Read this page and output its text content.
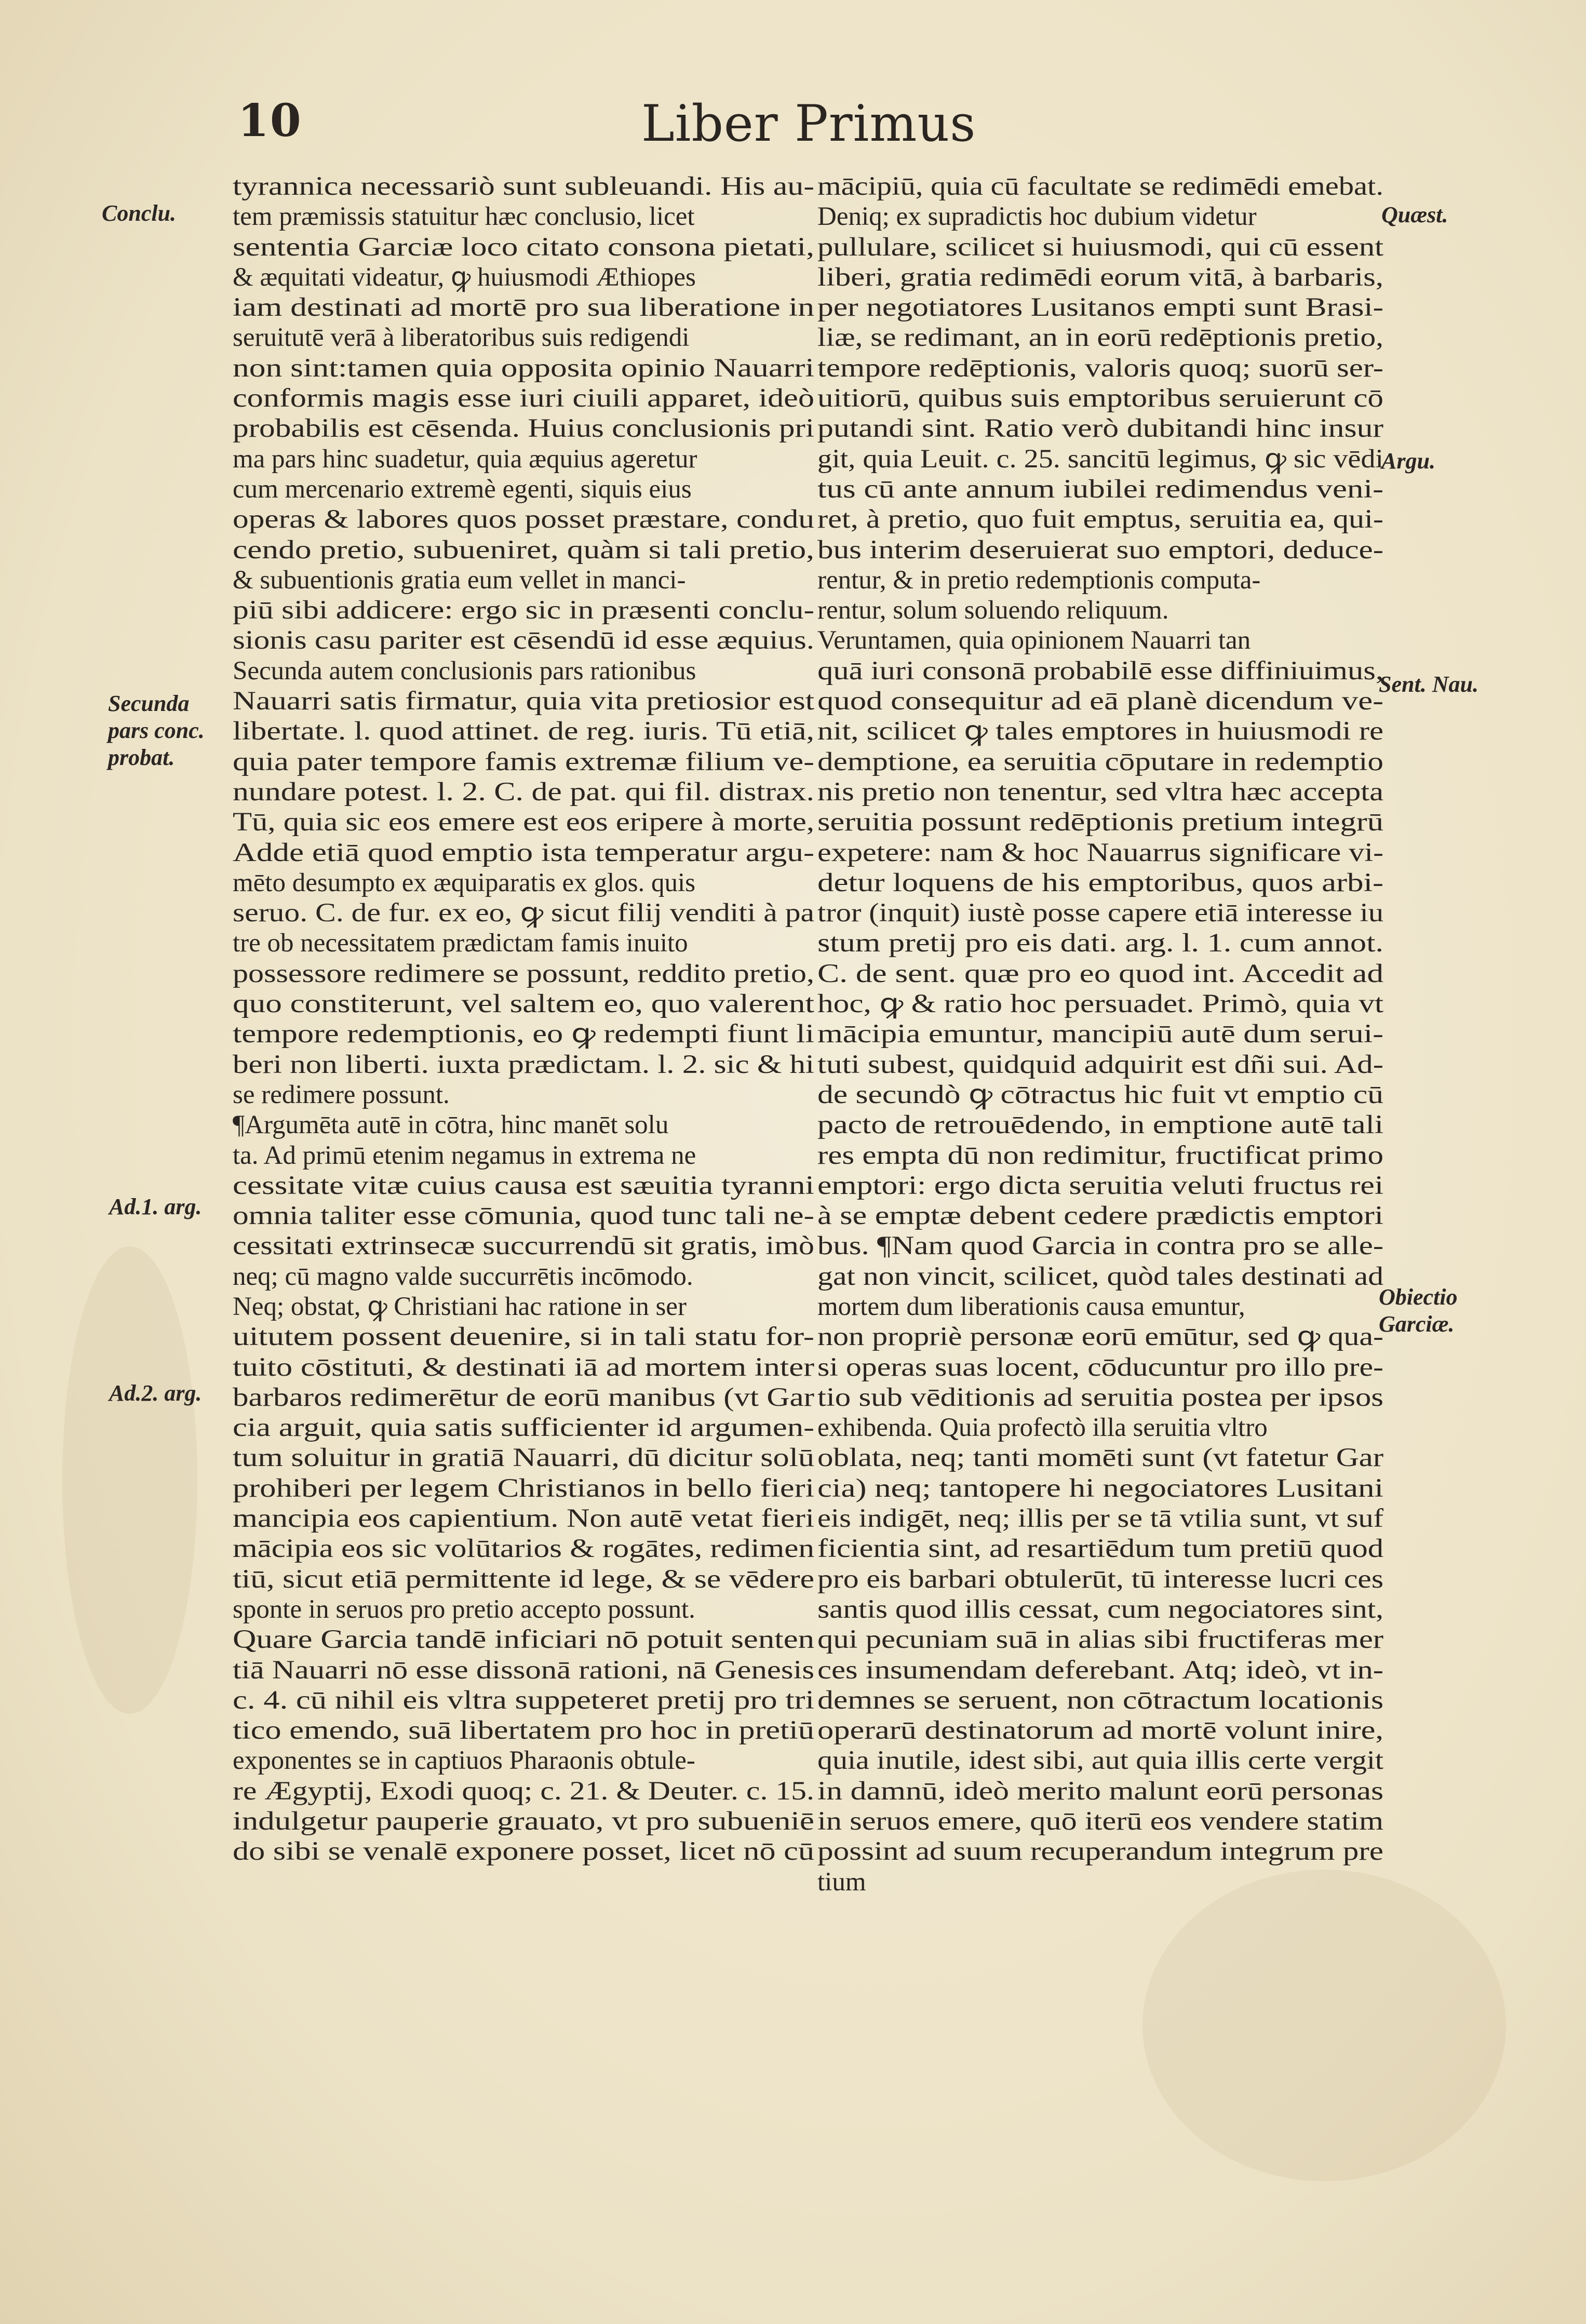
10	Liber Primus
tyrannica necessariò sunt subleuandi. His au-
tem præmissis statuitur hæc conclusio, licet
sententia Garciæ loco citato consona pietati,
& æquitati videatur, ꝙ huiusmodi Æthiopes
iam destinati ad mortē pro sua liberatione in
seruitutē verā à liberatoribus suis redigendi
non sint:tamen quia opposita opinio Nauarri
conformis magis esse iuri ciuili apparet, ideò
probabilis est cēsenda. Huius conclusionis pri
ma pars hinc suadetur, quia æquius ageretur
cum mercenario extremè egenti, siquis eius
operas & labores quos posset præstare, condu
cendo pretio, subueniret, quàm si tali pretio,
& subuentionis gratia eum vellet in manci-
piū sibi addicere: ergo sic in præsenti conclu-
sionis casu pariter est cēsendū id esse æquius.
Secunda autem conclusionis pars rationibus
Nauarri satis firmatur, quia vita pretiosior est
libertate. l. quod attinet. de reg. iuris. Tū etiā,
quia pater tempore famis extremæ filium ve-
nundare potest. l. 2. C. de pat. qui fil. distrax.
Tū, quia sic eos emere est eos eripere à morte,
Adde etiā quod emptio ista temperatur argu-
mēto desumpto ex æquiparatis ex glos. quis
seruo. C. de fur. ex eo, ꝙ sicut filij venditi à pa
tre ob necessitatem prædictam famis inuito
possessore redimere se possunt, reddito pretio,
quo constiterunt, vel saltem eo, quo valerent
tempore redemptionis, eo ꝙ redempti fiunt li
beri non liberti. iuxta prædictam. l. 2. sic & hi
se redimere possunt.
¶Argumēta autē in cōtra, hinc manēt solu
ta. Ad primū etenim negamus in extrema ne
cessitate vitæ cuius causa est sæuitia tyranni
omnia taliter esse cōmunia, quod tunc tali ne-
cessitati extrinsecæ succurrendū sit gratis, imò
neq; cū magno valde succurrētis incōmodo.
Neq; obstat, ꝙ Christiani hac ratione in ser
uitutem possent deuenire, si in tali statu for-
tuito cōstituti, & destinati iā ad mortem inter
barbaros redimerētur de eorū manibus (vt Gar
cia arguit, quia satis sufficienter id argumen-
tum soluitur in gratiā Nauarri, dū dicitur solū
prohiberi per legem Christianos in bello fieri
mancipia eos capientium. Non autē vetat fieri
mācipia eos sic volūtarios & rogātes, redimen
tiū, sicut etiā permittente id lege, & se vēdere
sponte in seruos pro pretio accepto possunt.
Quare Garcia tandē inficiari nō potuit senten
tiā Nauarri nō esse dissonā rationi, nā Genesis
c. 4. cū nihil eis vltra suppeteret pretij pro tri
tico emendo, suā libertatem pro hoc in pretiū
exponentes se in captiuos Pharaonis obtule-
re Ægyptij, Exodi quoq; c. 21. & Deuter. c. 15.
indulgetur pauperie grauato, vt pro subueniē
do sibi se venalē exponere posset, licet nō cū
mācipiū, quia cū facultate se redimēdi emebat.
Deniq; ex supradictis hoc dubium videtur
pullulare, scilicet si huiusmodi, qui cū essent
liberi, gratia redimēdi eorum vitā, à barbaris,
per negotiatores Lusitanos empti sunt Brasi-
liæ, se redimant, an in eorū redēptionis pretio,
tempore redēptionis, valoris quoq; suorū ser-
uitiorū, quibus suis emptoribus seruierunt cō
putandi sint. Ratio verò dubitandi hinc insur
git, quia Leuit. c. 25. sancitū legimus, ꝙ sic vēdi
tus cū ante annum iubilei redimendus veni-
ret, à pretio, quo fuit emptus, seruitia ea, qui-
bus interim deseruierat suo emptori, deduce-
rentur, & in pretio redemptionis computa-
rentur, solum soluendo reliquum.
Veruntamen, quia opinionem Nauarri tan
quā iuri consonā probabilē esse diffiniuimus,
quod consequitur ad eā planè dicendum ve-
nit, scilicet ꝙ tales emptores in huiusmodi re
demptione, ea seruitia cōputare in redemptio
nis pretio non tenentur, sed vltra hæc accepta
seruitia possunt redēptionis pretium integrū
expetere: nam & hoc Nauarrus significare vi-
detur loquens de his emptoribus, quos arbi-
tror (inquit) iustè posse capere etiā interesse iu
stum pretij pro eis dati. arg. l. 1. cum annot.
C. de sent. quæ pro eo quod int. Accedit ad
hoc, ꝙ & ratio hoc persuadet. Primò, quia vt
mācipia emuntur, mancipiū autē dum serui-
tuti subest, quidquid adquirit est dñi sui. Ad-
de secundò ꝙ cōtractus hic fuit vt emptio cū
pacto de retrouēdendo, in emptione autē tali
res empta dū non redimitur, fructificat primo
emptori: ergo dicta seruitia veluti fructus rei
à se emptæ debent cedere prædictis emptori
bus. ¶Nam quod Garcia in contra pro se alle-
gat non vincit, scilicet, quòd tales destinati ad
mortem dum liberationis causa emuntur,
non propriè personæ eorū emūtur, sed ꝙ qua-
si operas suas locent, cōducuntur pro illo pre-
tio sub vēditionis ad seruitia postea per ipsos
exhibenda. Quia profectò illa seruitia vltro
oblata, neq; tanti momēti sunt (vt fatetur Gar
cia) neq; tantopere hi negociatores Lusitani
eis indigēt, neq; illis per se tā vtilia sunt, vt suf
ficientia sint, ad resartiēdum tum pretiū quod
pro eis barbari obtulerūt, tū interesse lucri ces
santis quod illis cessat, cum negociatores sint,
qui pecuniam suā in alias sibi fructiferas mer
ces insumendam deferebant. Atq; ideò, vt in-
demnes se seruent, non cōtractum locationis
operarū destinatorum ad mortē volunt inire,
quia inutile, idest sibi, aut quia illis certe vergit
in damnū, ideò merito malunt eorū personas
in seruos emere, quō iterū eos vendere statim
possint ad suum recuperandum integrum pre
tium
Conclu.
Secunda
pars conc.
probat.
Ad.1. arg.
Ad.2. arg.
Quæst.
Argu.
Sent. Nau.
Obiectio
Garciæ.
